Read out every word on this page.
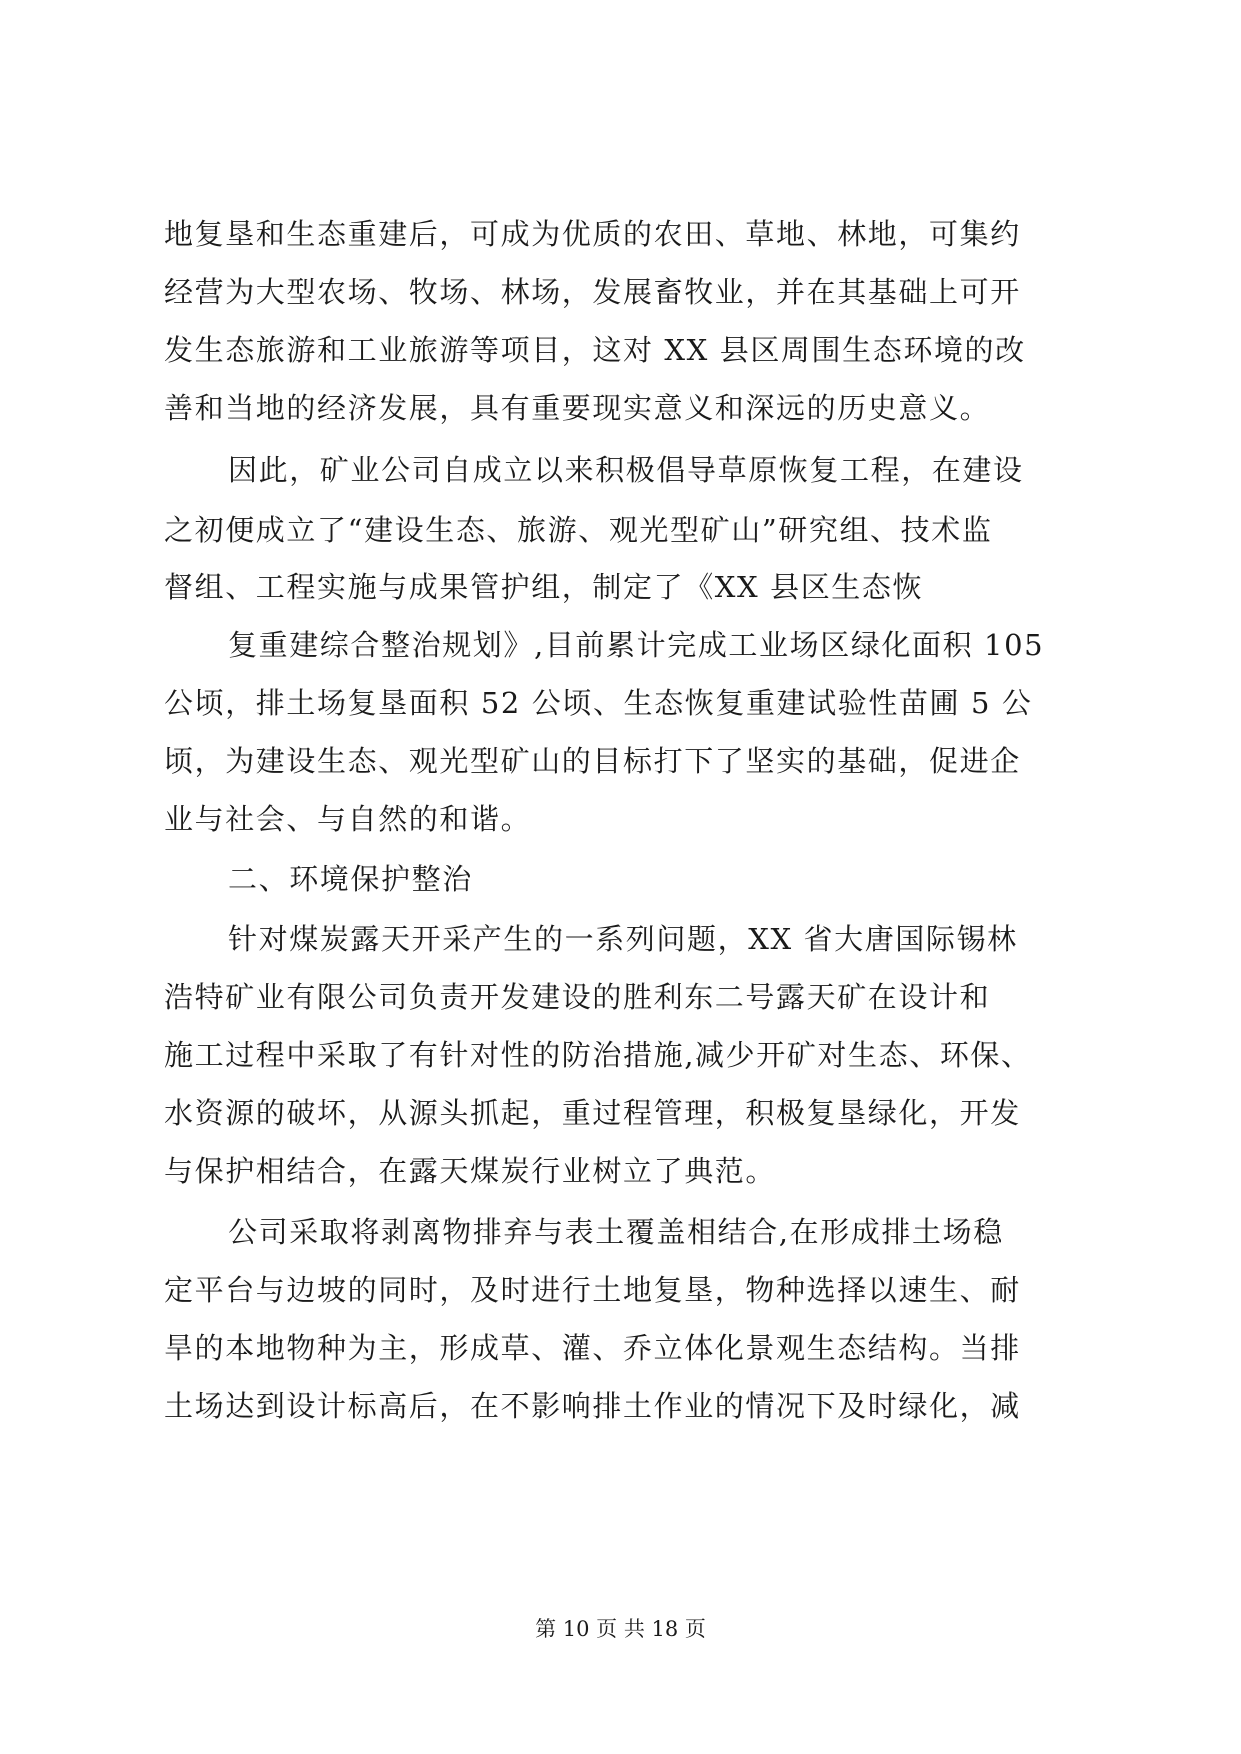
地复垦和生态重建后，可成为优质的农田、草地、林地，可集约
经营为大型农场、牧场、林场，发展畜牧业，并在其基础上可开
发生态旅游和工业旅游等项目，这对 XX 县区周围生态环境的改
善和当地的经济发展，具有重要现实意义和深远的历史意义。
因此，矿业公司自成立以来积极倡导草原恢复工程，在建设
之初便成立了“建设生态、旅游、观光型矿山”研究组、技术监
督组、工程实施与成果管护组，制定了《XX 县区生态恢
复重建综合整治规划》,目前累计完成工业场区绿化面积 105
公顷，排土场复垦面积 52 公顷、生态恢复重建试验性苗圃 5 公
顷，为建设生态、观光型矿山的目标打下了坚实的基础，促进企
业与社会、与自然的和谐。
二、环境保护整治
针对煤炭露天开采产生的一系列问题，XX 省大唐国际锡林
浩特矿业有限公司负责开发建设的胜利东二号露天矿在设计和
施工过程中采取了有针对性的防治措施,减少开矿对生态、环保、
水资源的破坏，从源头抓起，重过程管理，积极复垦绿化，开发
与保护相结合，在露天煤炭行业树立了典范。
公司采取将剥离物排弃与表土覆盖相结合,在形成排土场稳
定平台与边坡的同时，及时进行土地复垦，物种选择以速生、耐
旱的本地物种为主，形成草、灌、乔立体化景观生态结构。当排
土场达到设计标高后，在不影响排土作业的情况下及时绿化，减
第 10 页 共 18 页
